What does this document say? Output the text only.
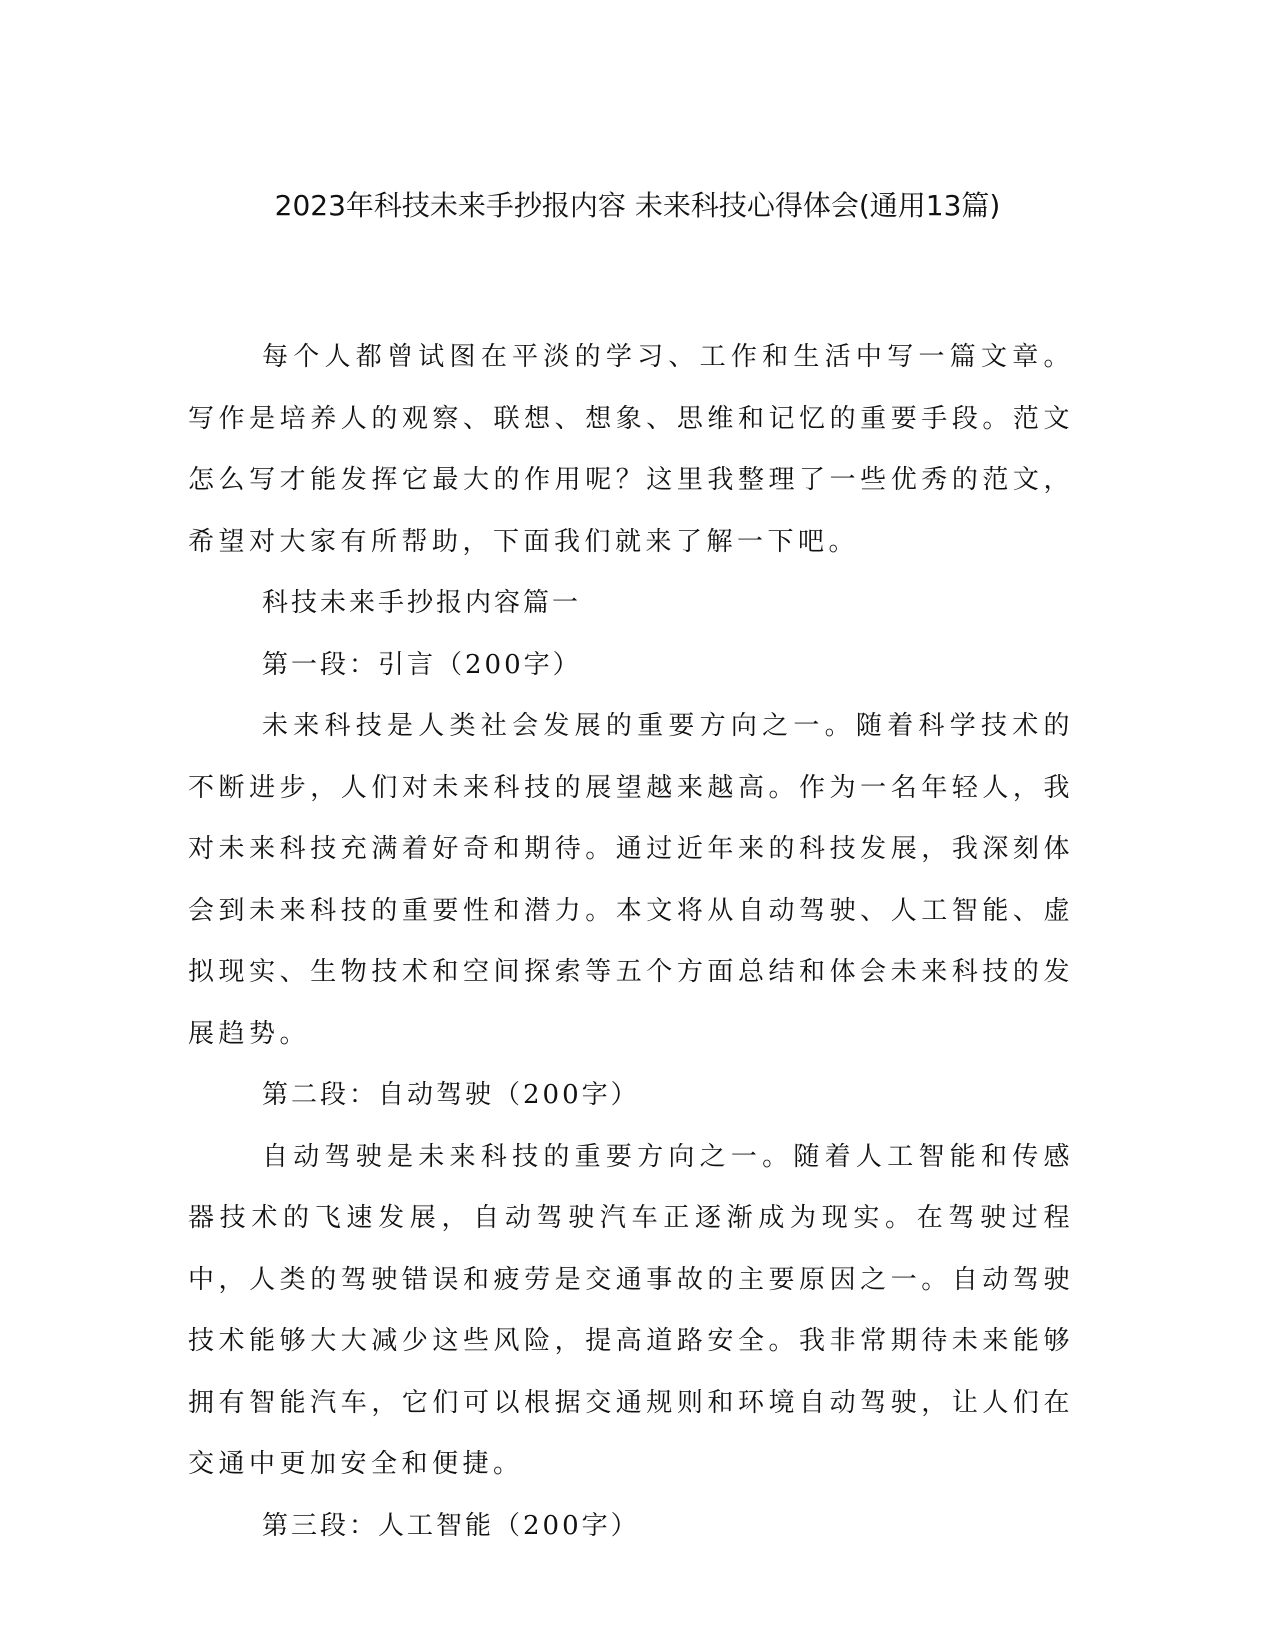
2023年科技未来手抄报内容 未来科技心得体会(通用13篇)

每个人都曾试图在平淡的学习、工作和生活中写一篇文章。写作是培养人的观察、联想、想象、思维和记忆的重要手段。范文怎么写才能发挥它最大的作用呢？这里我整理了一些优秀的范文，希望对大家有所帮助，下面我们就来了解一下吧。

科技未来手抄报内容篇一

第一段：引言（200字）

未来科技是人类社会发展的重要方向之一。随着科学技术的不断进步，人们对未来科技的展望越来越高。作为一名年轻人，我对未来科技充满着好奇和期待。通过近年来的科技发展，我深刻体会到未来科技的重要性和潜力。本文将从自动驾驶、人工智能、虚拟现实、生物技术和空间探索等五个方面总结和体会未来科技的发展趋势。

第二段：自动驾驶（200字）

自动驾驶是未来科技的重要方向之一。随着人工智能和传感器技术的飞速发展，自动驾驶汽车正逐渐成为现实。在驾驶过程中，人类的驾驶错误和疲劳是交通事故的主要原因之一。自动驾驶技术能够大大减少这些风险，提高道路安全。我非常期待未来能够拥有智能汽车，它们可以根据交通规则和环境自动驾驶，让人们在交通中更加安全和便捷。

第三段：人工智能（200字）
